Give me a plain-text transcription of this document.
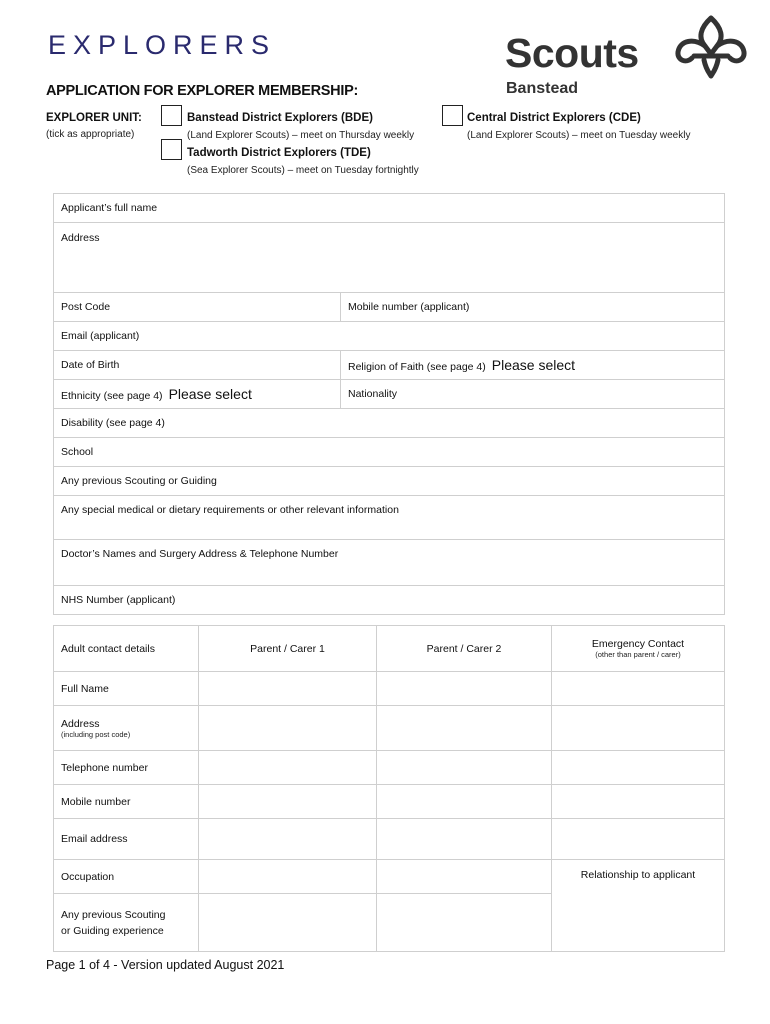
EXPLORERS	Scouts
Banstead
APPLICATION FOR EXPLORER MEMBERSHIP:
EXPLORER UNIT:
(tick as appropriate)
Banstead District Explorers (BDE)
(Land Explorer Scouts) – meet on Thursday weekly
Central District Explorers (CDE)
(Land Explorer Scouts) – meet on Tuesday weekly
Tadworth District Explorers (TDE)
(Sea Explorer Scouts) – meet on Tuesday fortnightly
Applicant’s full name	
Address	
Post Code	Mobile number (applicant)
Email (applicant)	
Date of Birth	Religion of Faith (see page 4) Please select
Ethnicity (see page 4) Please select	Nationality
Disability (see page 4)	
School	
Any previous Scouting or Guiding	
Any special medical or dietary requirements or other relevant information	
Doctor’s Names and Surgery Address & Telephone Number	
NHS Number (applicant)	
Adult contact details	Parent / Carer 1	Parent / Carer 2	Emergency Contact
(other than parent / carer)

Full Name			
Address
(including post code)			

Telephone number			
Mobile number			
Email address			
Occupation			Relationship to applicant
Any previous Scouting
or Guiding experience			
Page 1 of 4 - Version updated August 2021
